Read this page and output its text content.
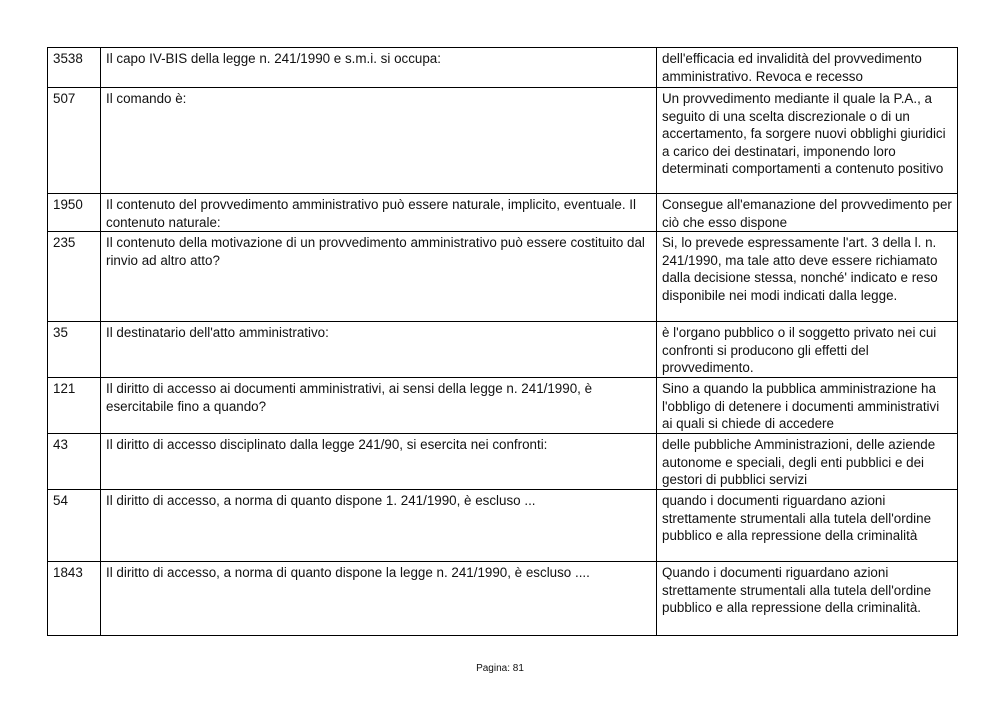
3538	Il capo IV-BIS della legge n. 241/1990 e s.m.i. si occupa:	dell'efficacia ed invalidità del provvedimento amministrativo. Revoca e recesso
507	Il comando è:	Un provvedimento mediante il quale la P.A., a seguito di una scelta discrezionale o di un accertamento, fa sorgere nuovi obblighi giuridici a carico dei destinatari, imponendo loro determinati comportamenti a contenuto positivo
1950	Il contenuto del provvedimento amministrativo può essere naturale, implicito, eventuale. Il contenuto naturale:	Consegue all'emanazione del provvedimento per ciò che esso dispone
235	Il contenuto della motivazione di un provvedimento amministrativo può essere costituito dal rinvio ad altro atto?	Si, lo prevede espressamente l'art. 3 della l. n. 241/1990, ma tale atto deve essere richiamato dalla decisione stessa, nonché' indicato e reso disponibile nei modi indicati dalla legge.
35	Il destinatario dell'atto amministrativo:	è l'organo pubblico o il soggetto privato nei cui confronti si producono gli effetti del provvedimento.
121	Il diritto di accesso ai documenti amministrativi, ai sensi della legge n. 241/1990, è esercitabile fino a quando?	Sino a quando la pubblica amministrazione ha l'obbligo di detenere i documenti amministrativi ai quali si chiede di accedere
43	Il diritto di accesso disciplinato dalla legge 241/90, si esercita nei confronti:	delle pubbliche Amministrazioni, delle aziende autonome e speciali, degli enti pubblici e dei gestori di pubblici servizi
54	Il diritto di accesso, a norma di quanto dispone 1. 241/1990, è escluso ...	quando i documenti riguardano azioni strettamente strumentali alla tutela dell'ordine pubblico e alla repressione della criminalità
1843	Il diritto di accesso, a norma di quanto dispone la legge n. 241/1990, è escluso ....	Quando i documenti riguardano azioni strettamente strumentali alla tutela dell'ordine pubblico e alla repressione della criminalità.
Pagina: 81
